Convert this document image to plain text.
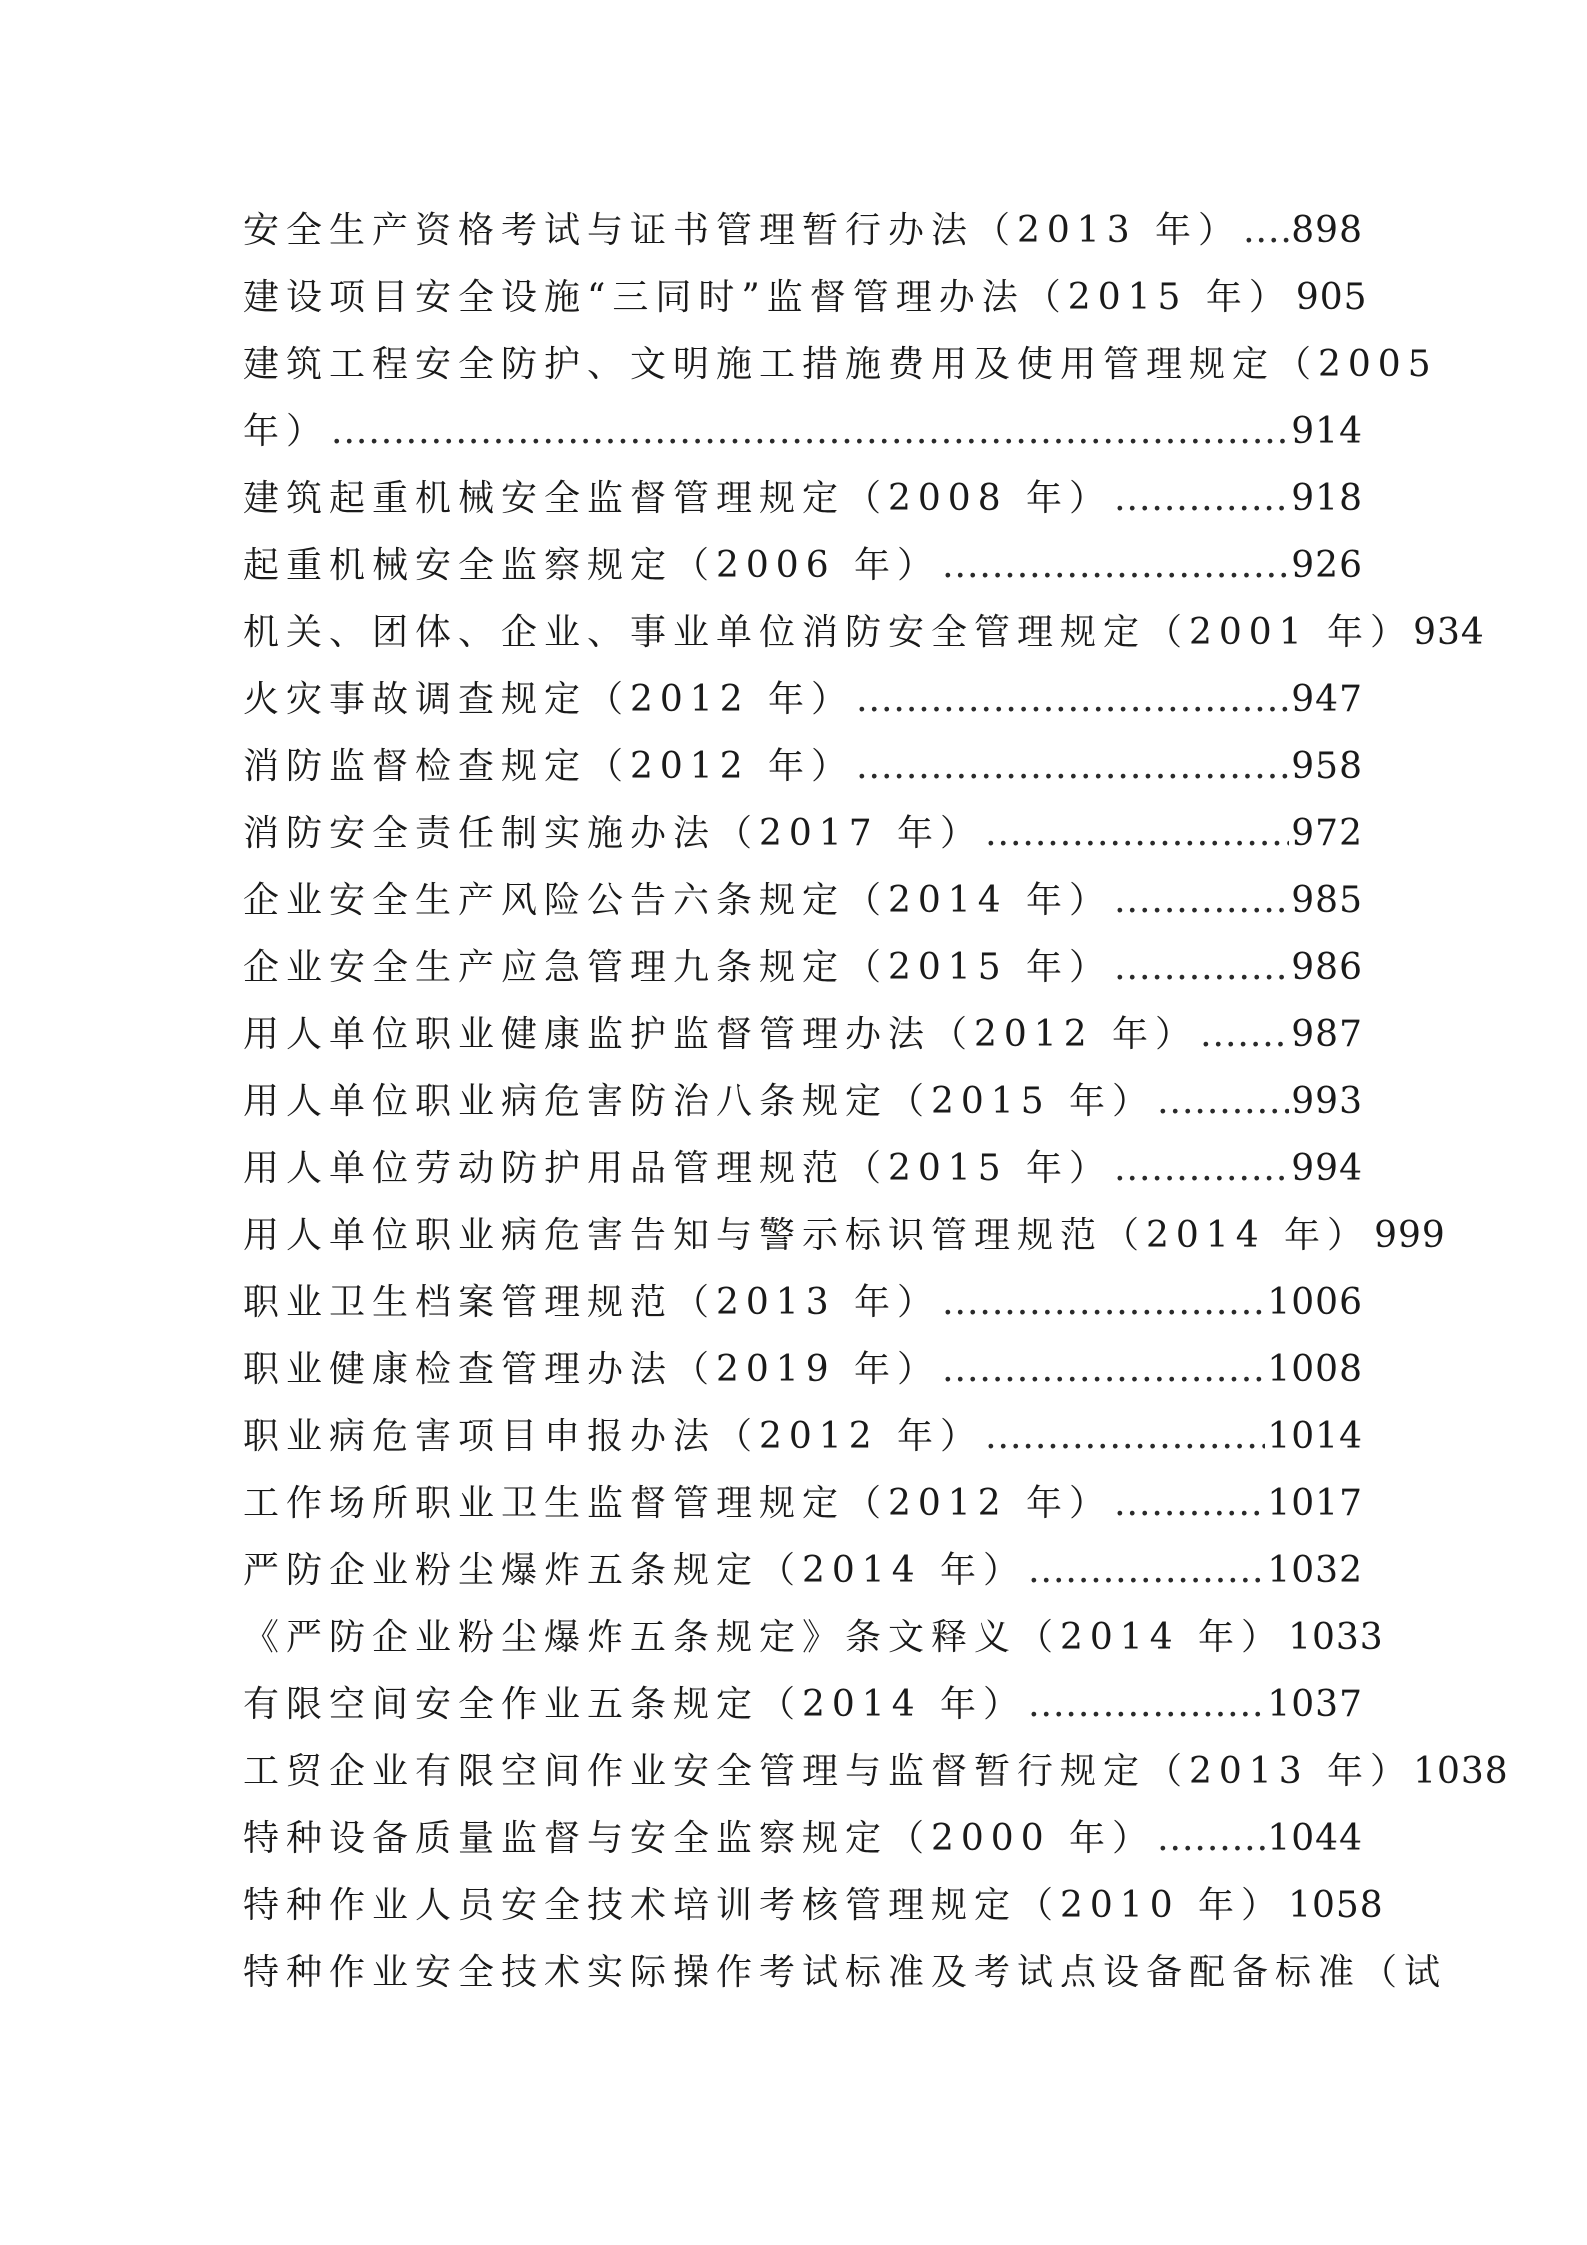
安全生产资格考试与证书管理暂行办法（2013 年） ..... 898
建设项目安全设施“三同时”监督管理办法（2015 年） 905
建筑工程安全防护、文明施工措施费用及使用管理规定（2005
年） .....	914
建筑起重机械安全监督管理规定（2008 年） .....	918
起重机械安全监察规定（2006 年） .....	926
机关、团体、企业、事业单位消防安全管理规定（2001 年） 934
火灾事故调查规定（2012 年） .....	947
消防监督检查规定（2012 年） .....	958
消防安全责任制实施办法（2017 年） .....	972
企业安全生产风险公告六条规定（2014 年） .....	985
企业安全生产应急管理九条规定（2015 年） .....	986
用人单位职业健康监护监督管理办法（2012 年） .....	987
用人单位职业病危害防治八条规定（2015 年） .....	993
用人单位劳动防护用品管理规范（2015 年） .....	994
用人单位职业病危害告知与警示标识管理规范（2014 年） 999
职业卫生档案管理规范（2013 年） .....	1006
职业健康检查管理办法（2019 年） .....	1008
职业病危害项目申报办法（2012 年） .....	1014
工作场所职业卫生监督管理规定（2012 年） .....	1017
严防企业粉尘爆炸五条规定（2014 年） .....	1032
《严防企业粉尘爆炸五条规定》条文释义（2014 年） 1033
有限空间安全作业五条规定（2014 年） .....	1037
工贸企业有限空间作业安全管理与监督暂行规定（2013 年） 1038
特种设备质量监督与安全监察规定（2000 年） .....	1044
特种作业人员安全技术培训考核管理规定（2010 年） 1058
特种作业安全技术实际操作考试标准及考试点设备配备标准（试
